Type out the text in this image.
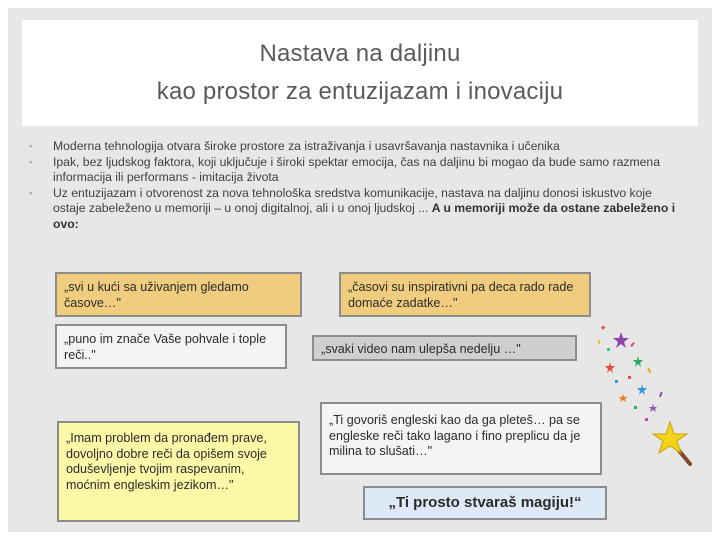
Nastava na daljinu
kao prostor za entuzijazam i inovaciju
▪ Moderna tehnologija otvara široke prostore za istraživanja i usavršavanja nastavnika i učenika
▪ Ipak, bez ljudskog faktora, koji uključuje i široki spektar emocija, čas na daljinu bi mogao da bude samo razmena informacija ili performans - imitacija života
▪ Uz entuzijazam i otvorenost za nova tehnološka sredstva komunikacije, nastava na daljinu donosi iskustvo koje ostaje zabeleženo u memoriji – u onoj digitalnoj, ali i u onoj ljudskoj ... A u memoriji može da ostane zabeleženo i ovo:
„svi u kući sa uživanjem gledamo časove…"
„časovi su inspirativni pa deca rado rade domaće zadatke…"
„puno im znače Vaše pohvale i tople reči.."	„svaki video nam ulepša nedelju …"
„Imam problem da pronađem prave, dovoljno dobre reči da opišem svoje oduševljenje tvojim raspevanim, moćnim engleskim jezikom…"
„Ti govoriš engleski kao da ga pleteš… pa se engleske reči tako lagano i fino preplicu da je milina to slušati…"
„Ti prosto stvaraš magiju!“
